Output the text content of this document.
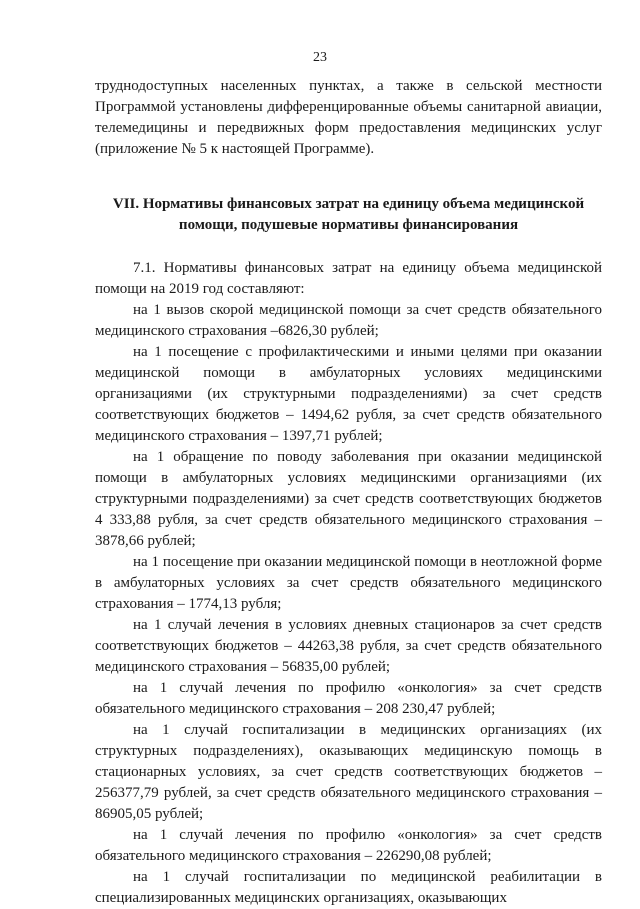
23

труднодоступных населенных пунктах, а также в сельской местности Программой установлены дифференцированные объемы санитарной авиации, телемедицины и передвижных форм предоставления медицинских услуг (приложение № 5 к настоящей Программе).

VII. Нормативы финансовых затрат на единицу объема медицинской
помощи, подушевые нормативы финансирования

7.1. Нормативы финансовых затрат на единицу объема медицинской помощи на 2019 год составляют:

на 1 вызов скорой медицинской помощи за счет средств обязательного медицинского страхования –6826,30 рублей;

на 1 посещение с профилактическими и иными целями при оказании медицинской помощи в амбулаторных условиях медицинскими организациями (их структурными подразделениями) за счет средств соответствующих бюджетов – 1494,62 рубля, за счет средств обязательного медицинского страхования – 1397,71 рублей;

на 1 обращение по поводу заболевания при оказании медицинской помощи в амбулаторных условиях медицинскими организациями (их структурными подразделениями) за счет средств соответствующих бюджетов 4 333,88 рубля, за счет средств обязательного медицинского страхования – 3878,66 рублей;

на 1 посещение при оказании медицинской помощи в неотложной форме в амбулаторных условиях за счет средств обязательного медицинского страхования – 1774,13 рубля;

на 1 случай лечения в условиях дневных стационаров за счет средств соответствующих бюджетов – 44263,38 рубля, за счет средств обязательного медицинского страхования – 56835,00 рублей;

на 1 случай лечения по профилю «онкология» за счет средств обязательного медицинского страхования – 208 230,47 рублей;

на 1 случай госпитализации в медицинских организациях (их структурных подразделениях), оказывающих медицинскую помощь в стационарных условиях, за счет средств соответствующих бюджетов – 256377,79 рублей, за счет средств обязательного медицинского страхования – 86905,05 рублей;

на 1 случай лечения по профилю «онкология» за счет средств обязательного медицинского страхования – 226290,08 рублей;

на 1 случай госпитализации по медицинской реабилитации в специализированных медицинских организациях, оказывающих
